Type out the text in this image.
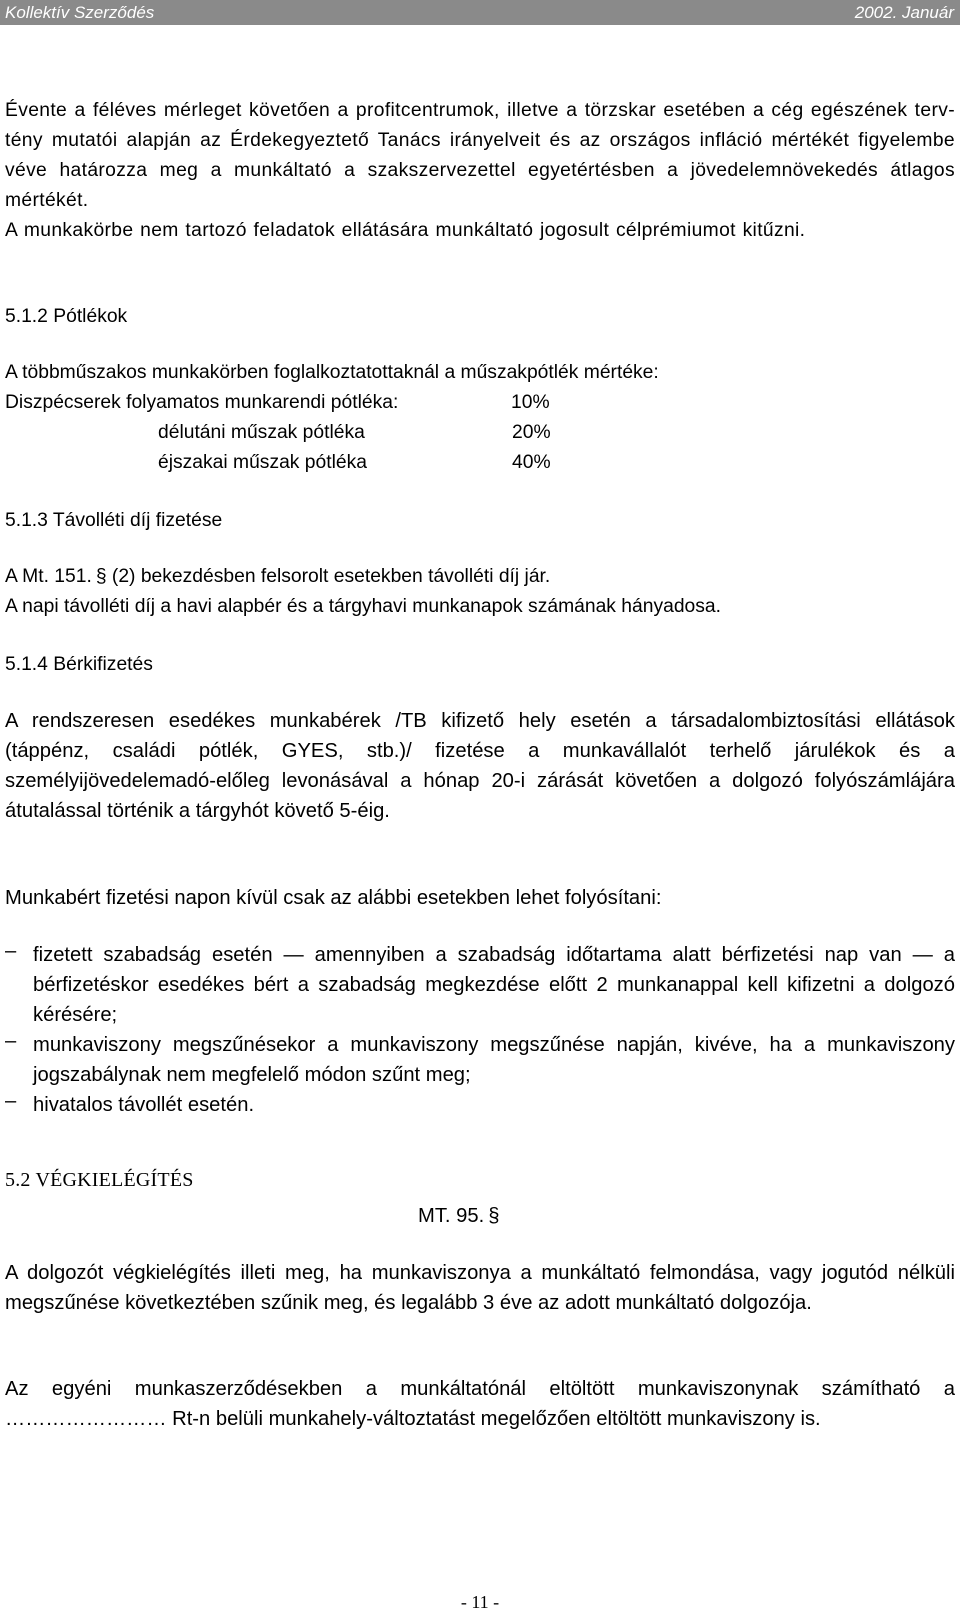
Kollektív Szerződés	2002. Január

Évente a féléves mérleget követően a profitcentrumok, illetve a törzskar esetében a cég egészének terv-tény mutatói alapján az Érdekegyeztető Tanács irányelveit és az országos infláció mértékét figyelembe véve határozza meg a munkáltató a szakszervezettel egyetértésben a jövedelemnövekedés átlagos mértékét.

A munkakörbe nem tartozó feladatok ellátására munkáltató jogosult célprémiumot kitűzni.

5.1.2 Pótlékok
A többműszakos munkakörben foglalkoztatottaknál a műszakpótlék mértéke:
Diszpécserek folyamatos munkarendi pótléka:	10%
délutáni műszak pótléka	20%
éjszakai műszak pótléka	40%
5.1.3 Távolléti díj fizetése
A Mt. 151. § (2) bekezdésben felsorolt esetekben távolléti díj jár.
A napi távolléti díj a havi alapbér és a tárgyhavi munkanapok számának hányadosa.
5.1.4 Bérkifizetés

A rendszeresen esedékes munkabérek /TB kifizető hely esetén a társadalombiztosítási ellátások (táppénz, családi pótlék, GYES, stb.)/ fizetése a munkavállalót terhelő járulékok és a személyijövedelemadó-előleg levonásával a hónap 20-i zárását követően a dolgozó folyószámlájára átutalással történik a tárgyhót követő 5-éig.

Munkabért fizetési napon kívül csak az alábbi esetekben lehet folyósítani:
– fizetett szabadság esetén — amennyiben a szabadság időtartama alatt bérfizetési nap van — a bérfizetéskor esedékes bért a szabadság megkezdése előtt 2 munkanappal kell kifizetni a dolgozó kérésére;
– munkaviszony megszűnésekor a munkaviszony megszűnése napján, kivéve, ha a munkaviszony jogszabálynak nem megfelelő módon szűnt meg;
– hivatalos távollét esetén.
5.2 VÉGKIELÉGÍTÉS
MT. 95. §

A dolgozót végkielégítés illeti meg, ha munkaviszonya a munkáltató felmondása, vagy jogutód nélküli megszűnése következtében szűnik meg, és legalább 3 éve az adott munkáltató dolgozója.

Az egyéni munkaszerződésekben a munkáltatónál eltöltött munkaviszonynak számítható a …………………… Rt-n belüli munkahely-változtatást megelőzően eltöltött munkaviszony is.

- 11 -
